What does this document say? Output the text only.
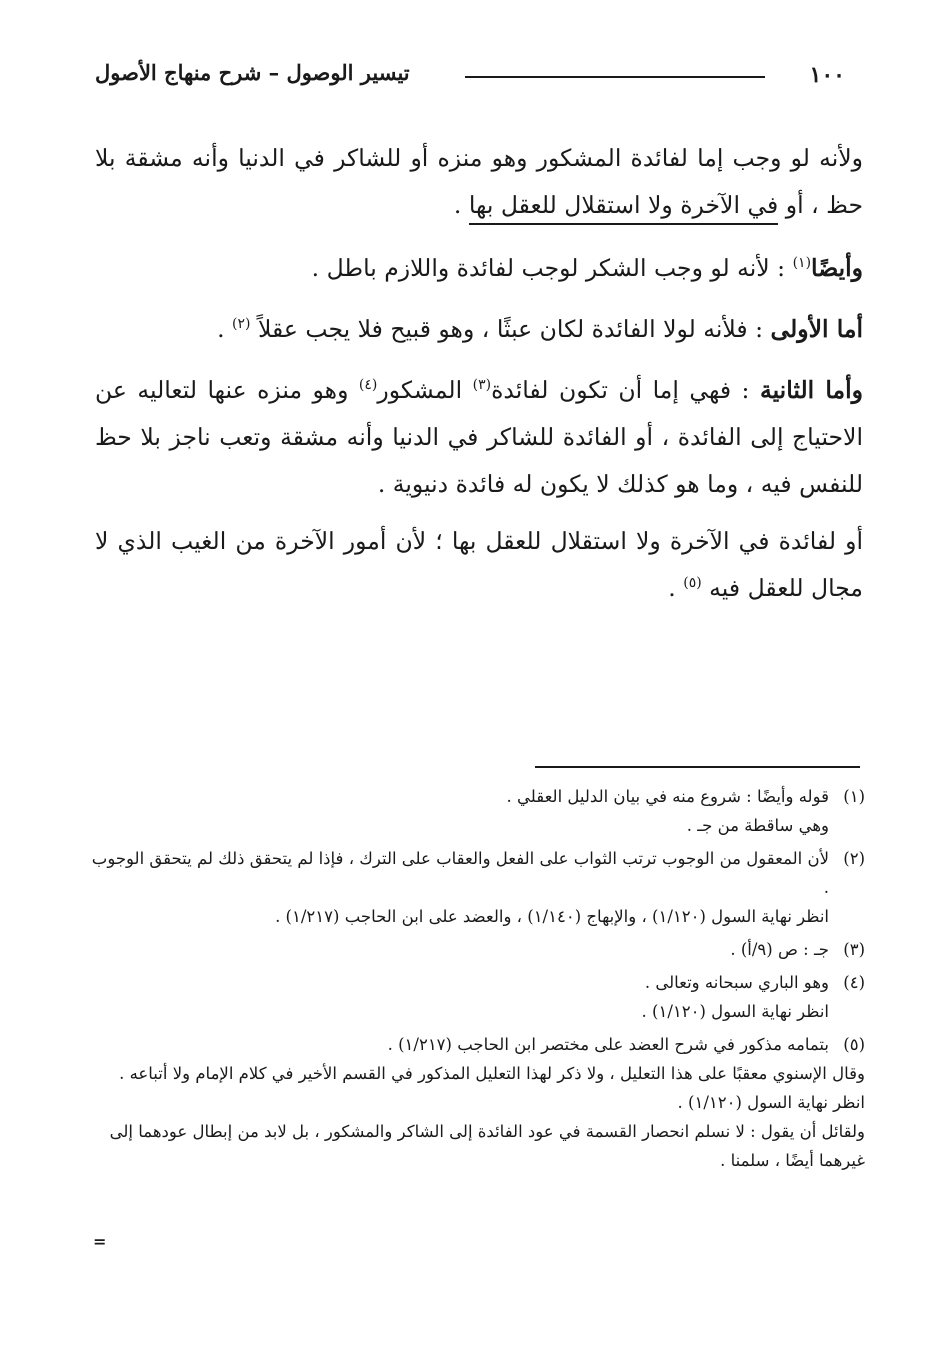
١٠٠
تيسير الوصول – شرح منهاج الأصول

ولأنه لو وجب إما لفائدة المشكور وهو منزه أو للشاكر في الدنيا وأنه مشقة بلا حظ ، أو في الآخرة ولا استقلال للعقل بها .

وأيضًا$^{(١)}$ : لأنه لو وجب الشكر لوجب لفائدة واللازم باطل .

أما الأولى : فلأنه لولا الفائدة لكان عبثًا ، وهو قبيح فلا يجب عقلاً $^{(٢)}$ .

وأما الثانية : فهي إما أن تكون لفائدة$^{(٣)}$ المشكور$^{(٤)}$ وهو منزه عنها لتعاليه عن الاحتياج إلى الفائدة ، أو الفائدة للشاكر في الدنيا وأنه مشقة وتعب ناجز بلا حظ للنفس فيه ، وما هو كذلك لا يكون له فائدة دنيوية .

أو لفائدة في الآخرة ولا استقلال للعقل بها ؛ لأن أمور الآخرة من الغيب الذي لا مجال للعقل فيه $^{(٥)}$ .

(١)
قوله وأيضًا : شروع منه في بيان الدليل العقلي .
وهي ساقطة من جـ .
(٢)
لأن المعقول من الوجوب ترتب الثواب على الفعل والعقاب على الترك ، فإذا لم يتحقق ذلك لم يتحقق الوجوب .
انظر نهاية السول (١/١٢٠) ، والإبهاج (١/١٤٠) ، والعضد على ابن الحاجب (١/٢١٧) .
(٣)
جـ : ص (٩/أ) .
(٤)
وهو الباري سبحانه وتعالى .
انظر نهاية السول (١/١٢٠) .
(٥)
بتمامه مذكور في شرح العضد على مختصر ابن الحاجب (١/٢١٧) .
وقال الإسنوي معقبًا على هذا التعليل ، ولا ذكر لهذا التعليل المذكور في القسم الأخير في كلام الإمام ولا أتباعه .
انظر نهاية السول (١/١٢٠) .
ولقائل أن يقول : لا نسلم انحصار القسمة في عود الفائدة إلى الشاكر والمشكور ، بل لابد من إبطال عودهما إلى غيرهما أيضًا ، سلمنا .
=
